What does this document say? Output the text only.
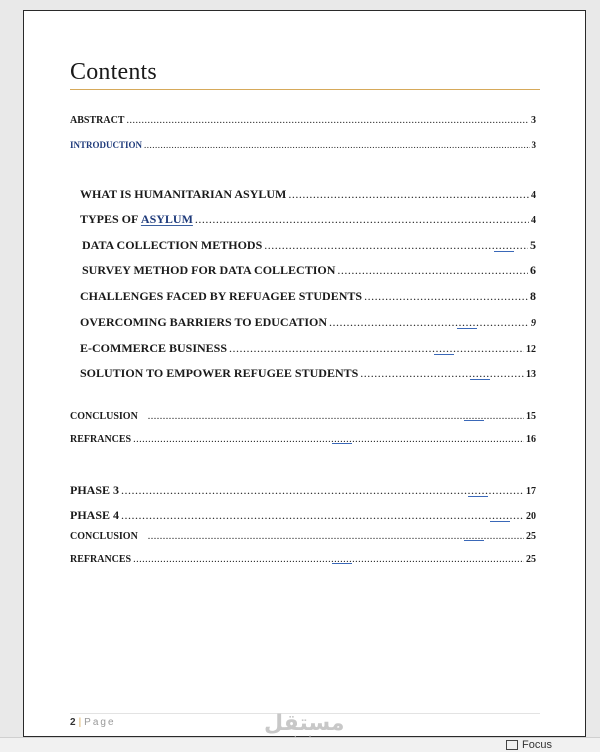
Contents
ABSTRACT .....	3
INTRODUCTION .....	3
WHAT IS HUMANITARIAN ASYLUM .....	4
TYPES OF ASYLUM .....	4
DATA COLLECTION METHODS .....	5
SURVEY METHOD FOR DATA COLLECTION .....	6
CHALLENGES FACED BY REFUAGEE STUDENTS .....	8
OVERCOMING BARRIERS TO EDUCATION .....	9
E-COMMERCE BUSINESS .....	12
SOLUTION TO EMPOWER REFUGEE STUDENTS .....	13
CONCLUSION .....	15
REFRANCES .....	16
PHASE 3 .....	17
PHASE 4 .....	20
CONCLUSION .....	25
REFRANCES .....	25
2 | Page	مستقل
Focus
